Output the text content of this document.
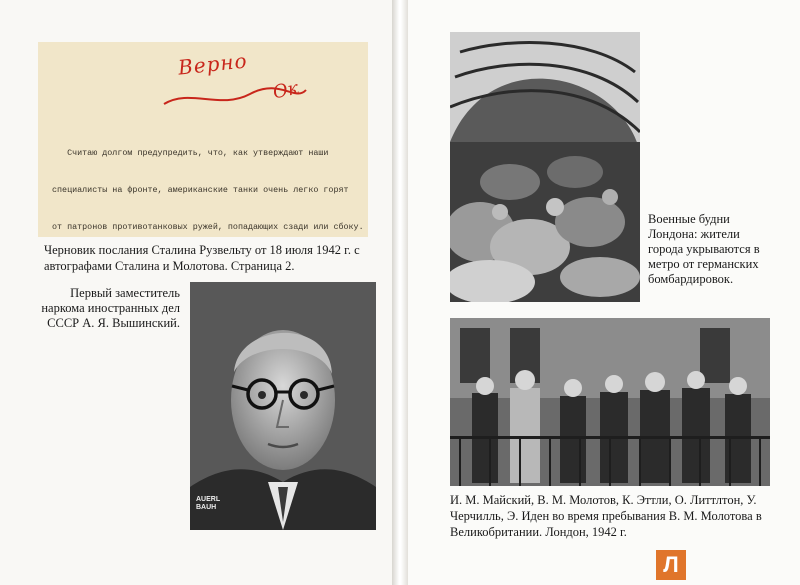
Верно
Ок

Считаю долгом предупредить, что, как утверждают наши

специалисты на фронте, американские танки очень легко горят

от патронов противотанковых ружей, попадающих сзади или сбоку.

Черновик послания Сталина Рузвельту от 18 июля 1942 г. с автографами Сталина и Молотова. Страница 2.
Первый заместитель наркома иностранных дел СССР А. Я. Вышинский.
AUERL BAUH
Военные будни Лондона: жители города укрываются в метро от германских бомбардировок.
И. М. Майский, В. М. Молотов, К. Эттли, О. Литтлтон, У. Черчилль, Э. Иден во время пребывания В. М. Молотова в Великобритании. Лондон, 1942 г.
Л
